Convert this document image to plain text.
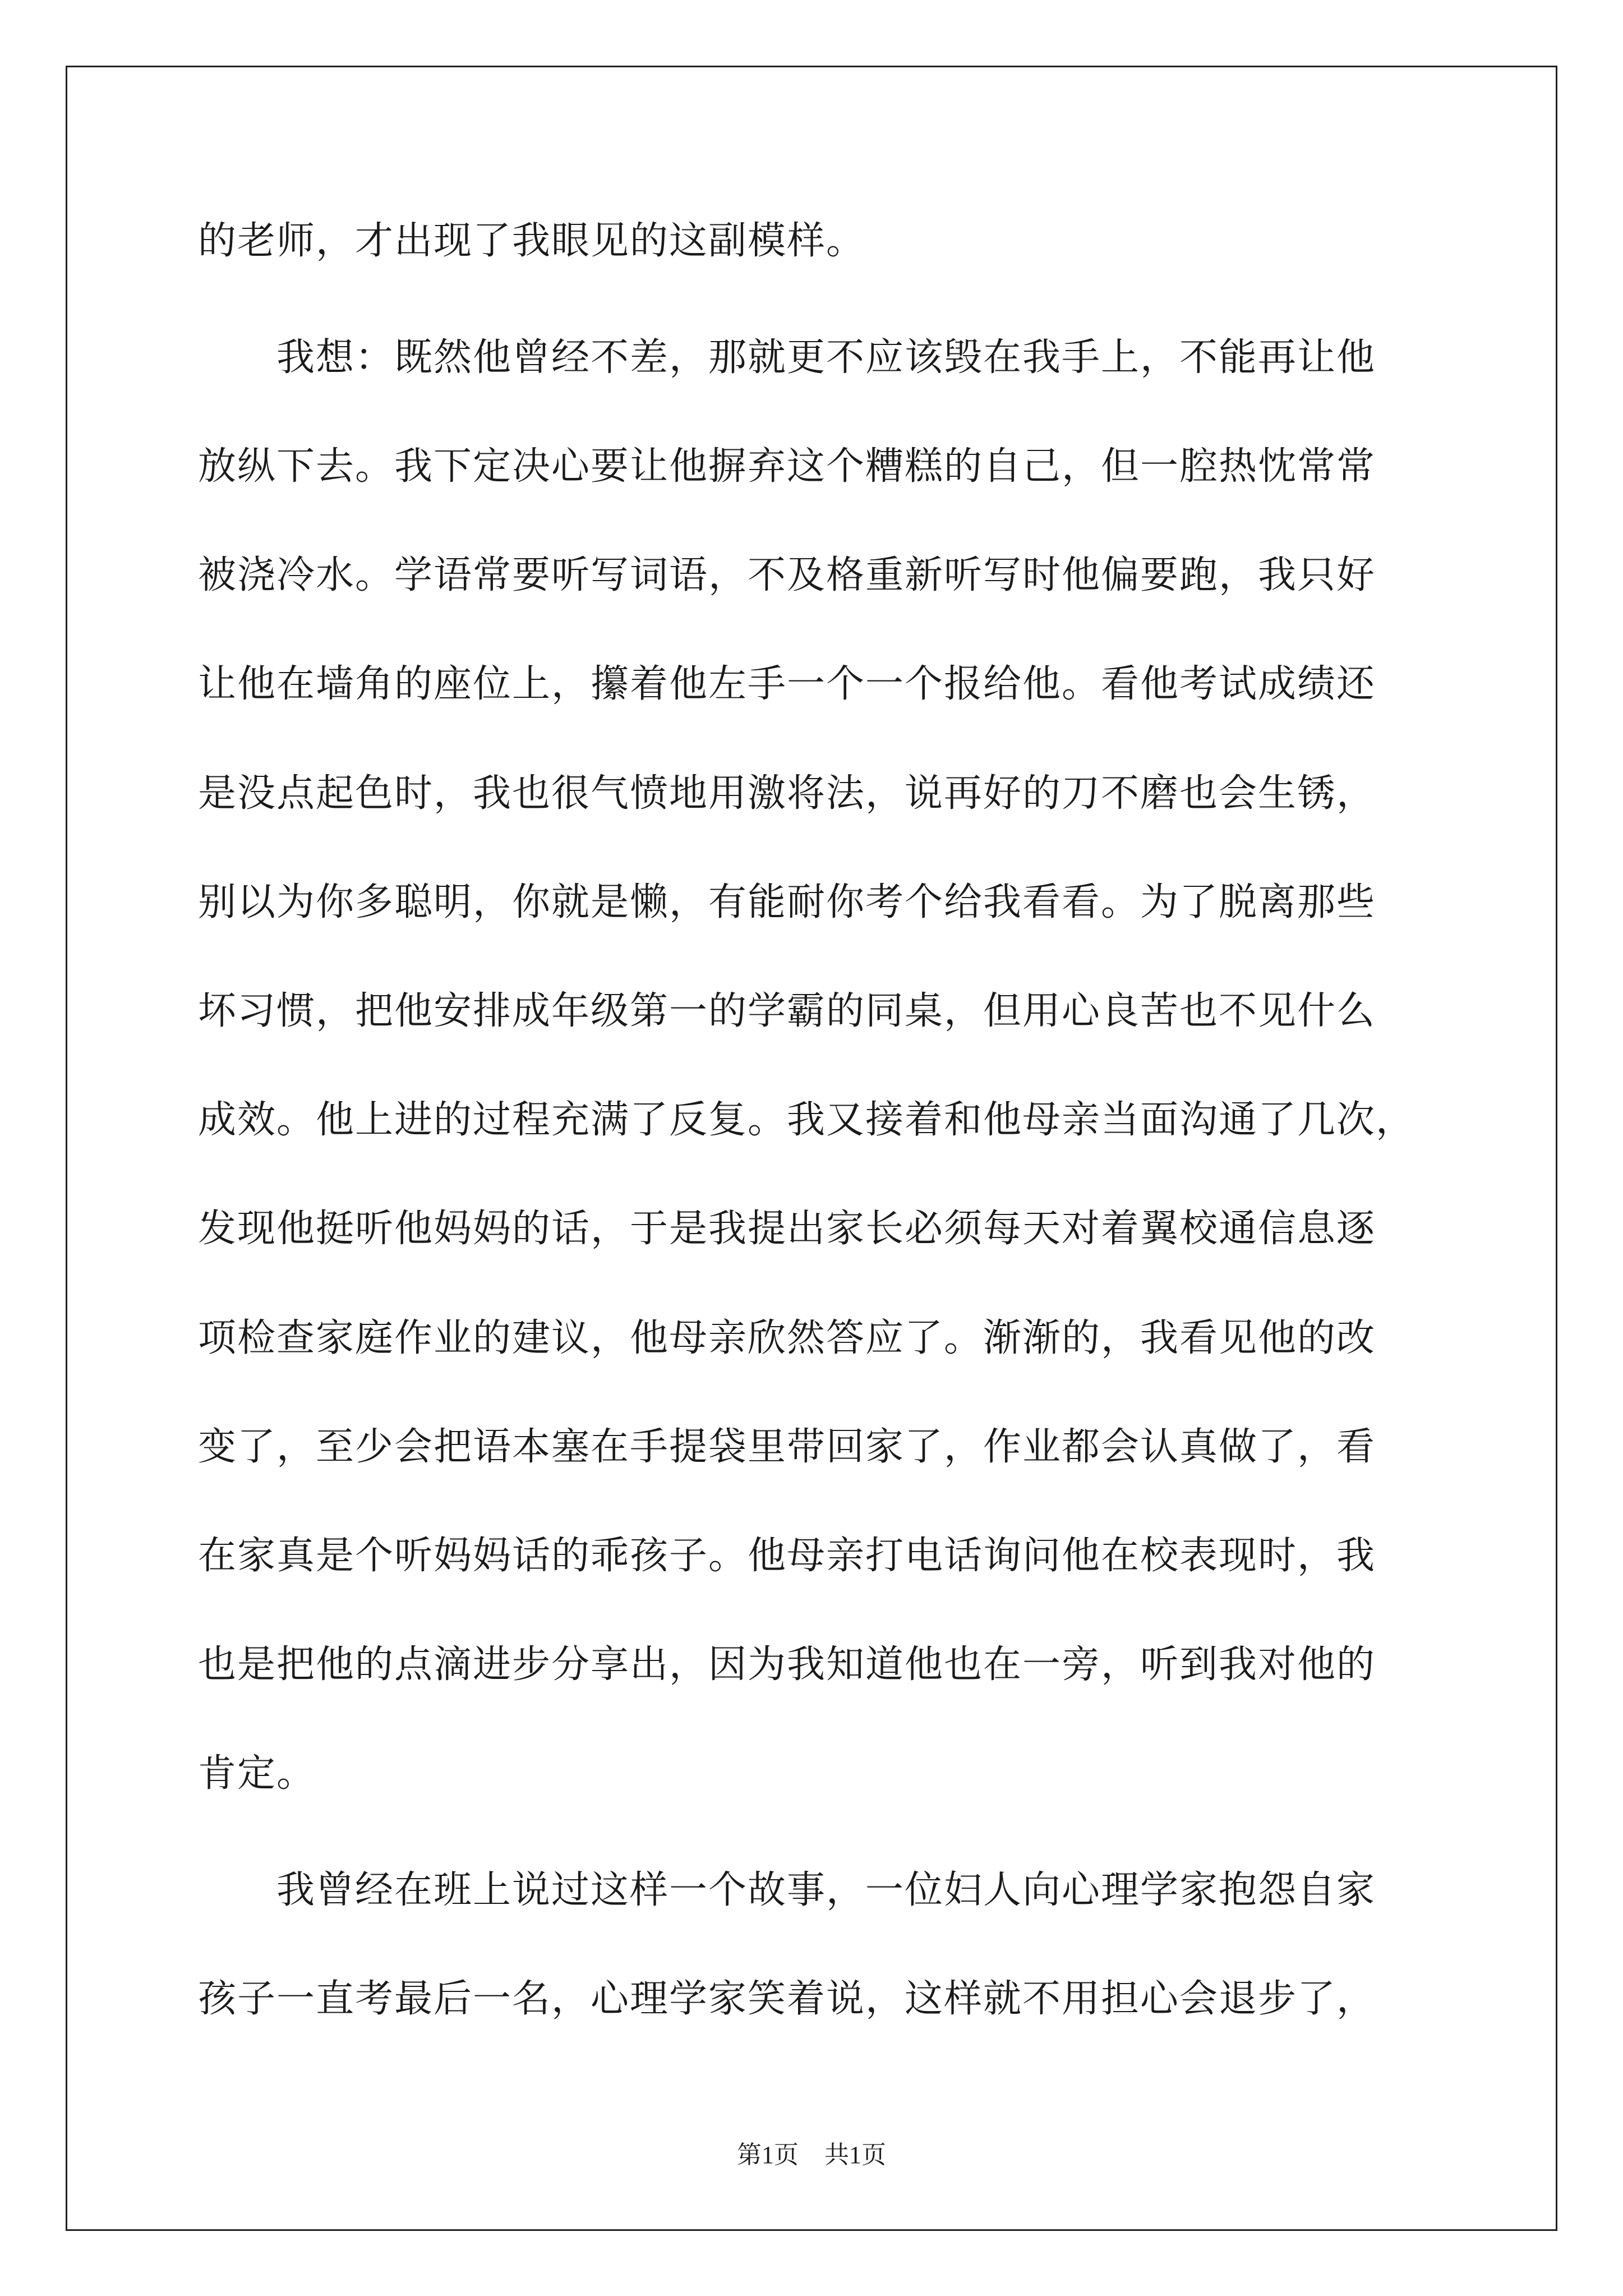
的老师，才出现了我眼见的这副模样。
　　我想：既然他曾经不差，那就更不应该毁在我手上，不能再让他
放纵下去。我下定决心要让他摒弃这个糟糕的自己，但一腔热忱常常
被浇冷水。学语常要听写词语，不及格重新听写时他偏要跑，我只好
让他在墙角的座位上，攥着他左手一个一个报给他。看他考试成绩还
是没点起色时，我也很气愤地用激将法，说再好的刀不磨也会生锈，
别以为你多聪明，你就是懒，有能耐你考个给我看看。为了脱离那些
坏习惯，把他安排成年级第一的学霸的同桌，但用心良苦也不见什么
成效。他上进的过程充满了反复。我又接着和他母亲当面沟通了几次，
发现他挺听他妈妈的话，于是我提出家长必须每天对着翼校通信息逐
项检查家庭作业的建议，他母亲欣然答应了。渐渐的，我看见他的改
变了，至少会把语本塞在手提袋里带回家了，作业都会认真做了，看
在家真是个听妈妈话的乖孩子。他母亲打电话询问他在校表现时，我
也是把他的点滴进步分享出，因为我知道他也在一旁，听到我对他的
肯定。
　　我曾经在班上说过这样一个故事，一位妇人向心理学家抱怨自家
孩子一直考最后一名，心理学家笑着说，这样就不用担心会退步了，
第1页 共1页
